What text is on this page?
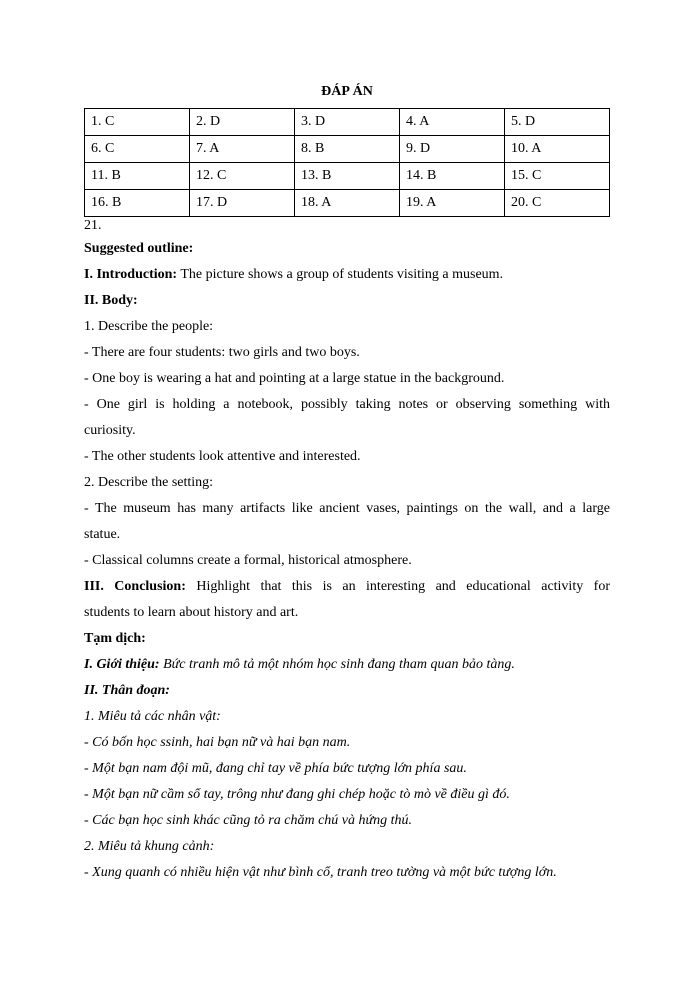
ĐÁP ÁN
1. C	2. D	3. D	4. A	5. D
6. C	7. A	8. B	9. D	10. A
11. B	12. C	13. B	14. B	15. C
16. B	17. D	18. A	19. A	20. C
21.
Suggested outline:
I. Introduction: The picture shows a group of students visiting a museum.
II. Body:
1. Describe the people:
- There are four students: two girls and two boys.
- One boy is wearing a hat and pointing at a large statue in the background.
- One girl is holding a notebook, possibly taking notes or observing something with
curiosity.
- The other students look attentive and interested.
2. Describe the setting:
- The museum has many artifacts like ancient vases, paintings on the wall, and a large
statue.
- Classical columns create a formal, historical atmosphere.
III. Conclusion: Highlight that this is an interesting and educational activity for
students to learn about history and art.
Tạm dịch:
I. Giới thiệu: Bức tranh mô tả một nhóm học sinh đang tham quan bảo tàng.
II. Thân đoạn:
1. Miêu tả các nhân vật:
- Có bốn học ssinh, hai bạn nữ và hai bạn nam.
- Một bạn nam đội mũ, đang chỉ tay về phía bức tượng lớn phía sau.
- Một bạn nữ cầm sổ tay, trông như đang ghi chép hoặc tò mò về điều gì đó.
- Các bạn học sinh khác cũng tỏ ra chăm chú và hứng thú.
2. Miêu tả khung cảnh:
- Xung quanh có nhiều hiện vật như bình cổ, tranh treo tường và một bức tượng lớn.
